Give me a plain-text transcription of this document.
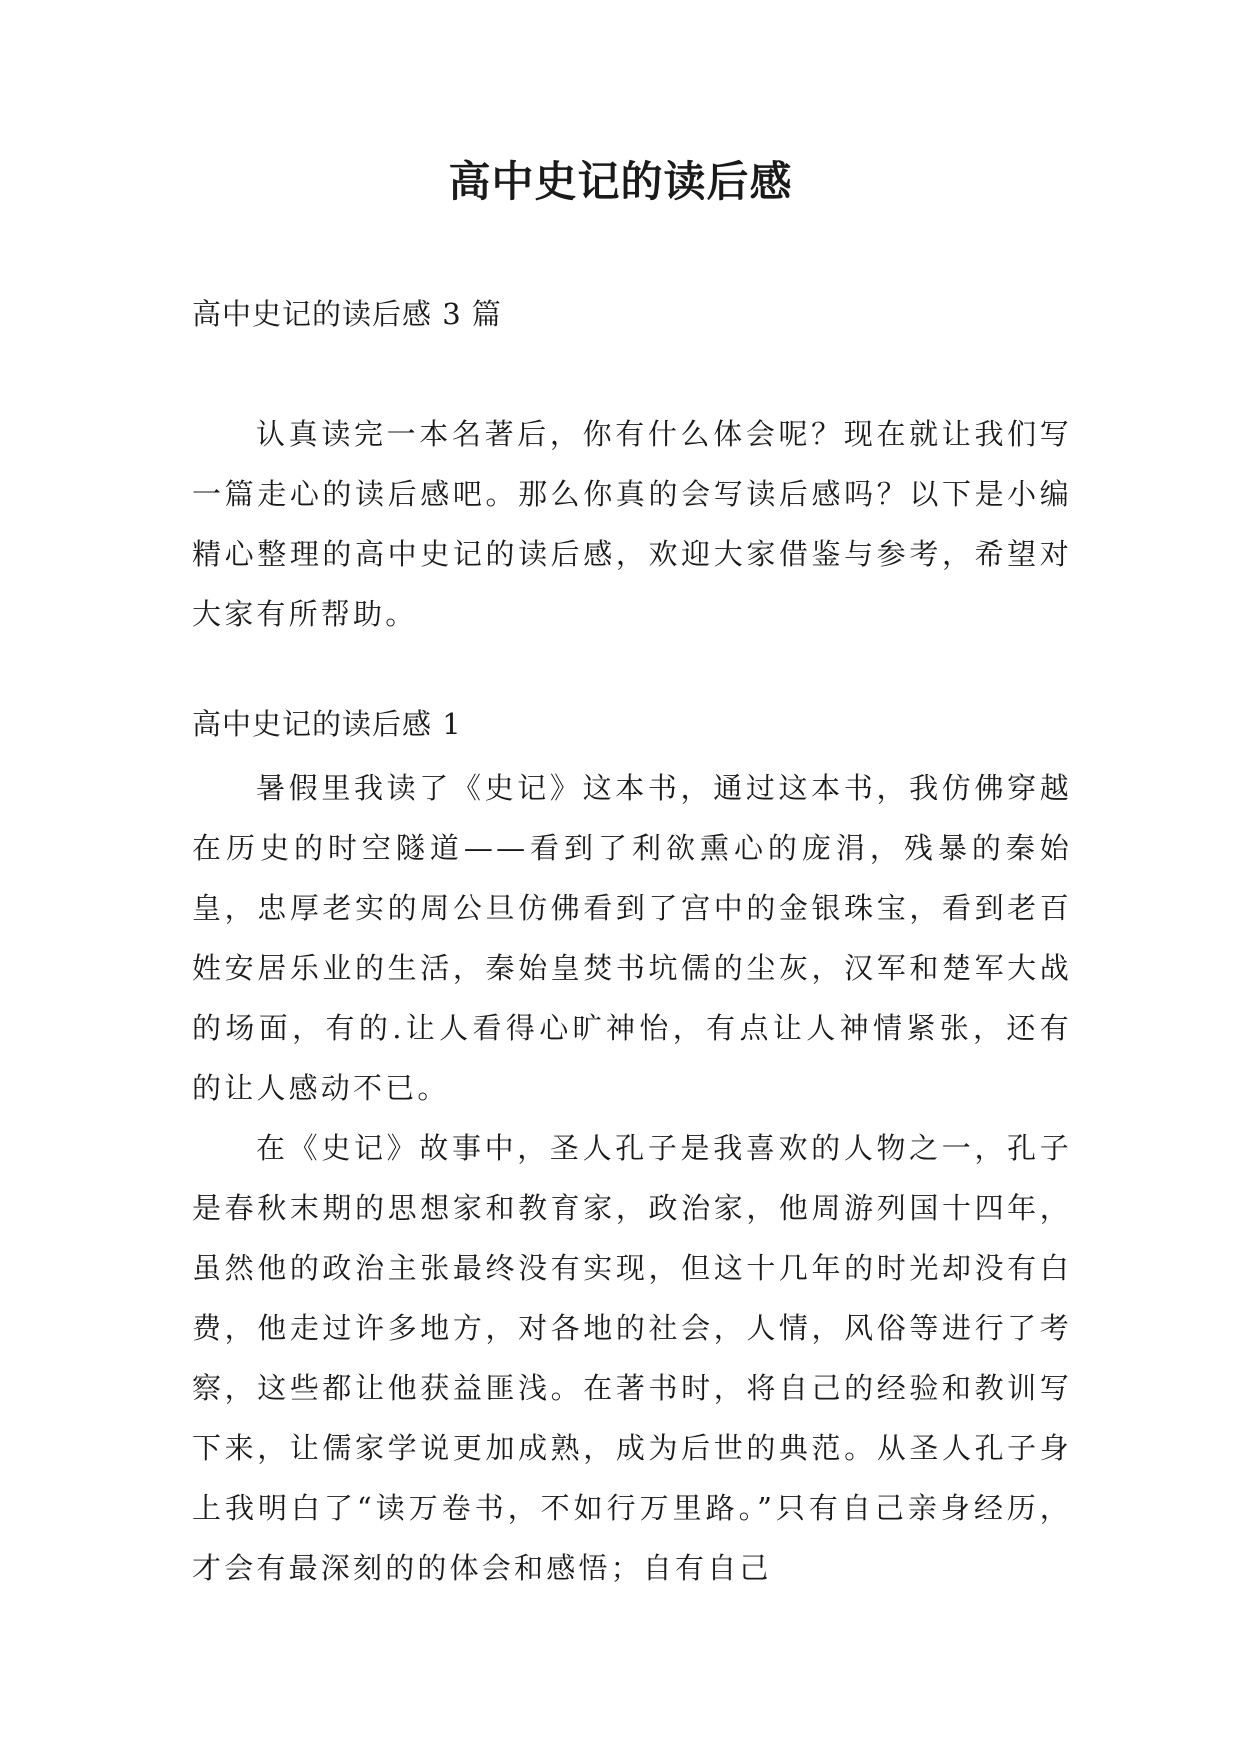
高中史记的读后感

高中史记的读后感 3 篇

认真读完一本名著后，你有什么体会呢？现在就让我们写一篇走心的读后感吧。那么你真的会写读后感吗？以下是小编精心整理的高中史记的读后感，欢迎大家借鉴与参考，希望对大家有所帮助。

高中史记的读后感 1

暑假里我读了《史记》这本书，通过这本书，我仿佛穿越在历史的时空隧道——看到了利欲熏心的庞涓，残暴的秦始皇，忠厚老实的周公旦仿佛看到了宫中的金银珠宝，看到老百姓安居乐业的生活，秦始皇焚书坑儒的尘灰，汉军和楚军大战的场面，有的.让人看得心旷神怡，有点让人神情紧张，还有的让人感动不已。

在《史记》故事中，圣人孔子是我喜欢的人物之一，孔子是春秋末期的思想家和教育家，政治家，他周游列国十四年，虽然他的政治主张最终没有实现，但这十几年的时光却没有白费，他走过许多地方，对各地的社会，人情，风俗等进行了考察，这些都让他获益匪浅。在著书时，将自己的经验和教训写下来，让儒家学说更加成熟，成为后世的典范。从圣人孔子身上我明白了“读万卷书，不如行万里路。”只有自己亲身经历，才会有最深刻的的体会和感悟；自有自己
